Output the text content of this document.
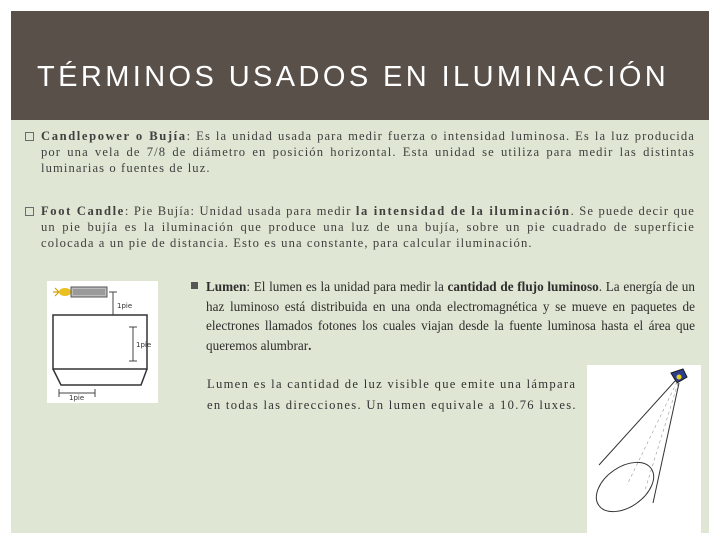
TÉRMINOS USADOS EN ILUMINACIÓN
Candlepower o Bujía: Es la unidad usada para medir fuerza o intensidad luminosa. Es la luz producida por una vela de 7/8 de diámetro en posición horizontal. Esta unidad se utiliza para medir las distintas luminarias o fuentes de luz.
Foot Candle: Pie Bujía: Unidad usada para medir la intensidad de la iluminación. Se puede decir que un pie bujía es la iluminación que produce una luz de una bujía, sobre un pie cuadrado de superficie colocada a un pie de distancia. Esto es una constante, para calcular iluminación.
1pie
1pie
1pie
Lumen: El lumen es la unidad para medir la cantidad de flujo luminoso. La energía de un haz luminoso está distribuida en una onda electromagnética y se mueve en paquetes de electrones llamados fotones los cuales viajan desde la fuente luminosa hasta el área que queremos alumbrar.
Lumen es la cantidad de luz visible que emite una lámpara en todas las direcciones. Un lumen equivale a 10.76 luxes.
